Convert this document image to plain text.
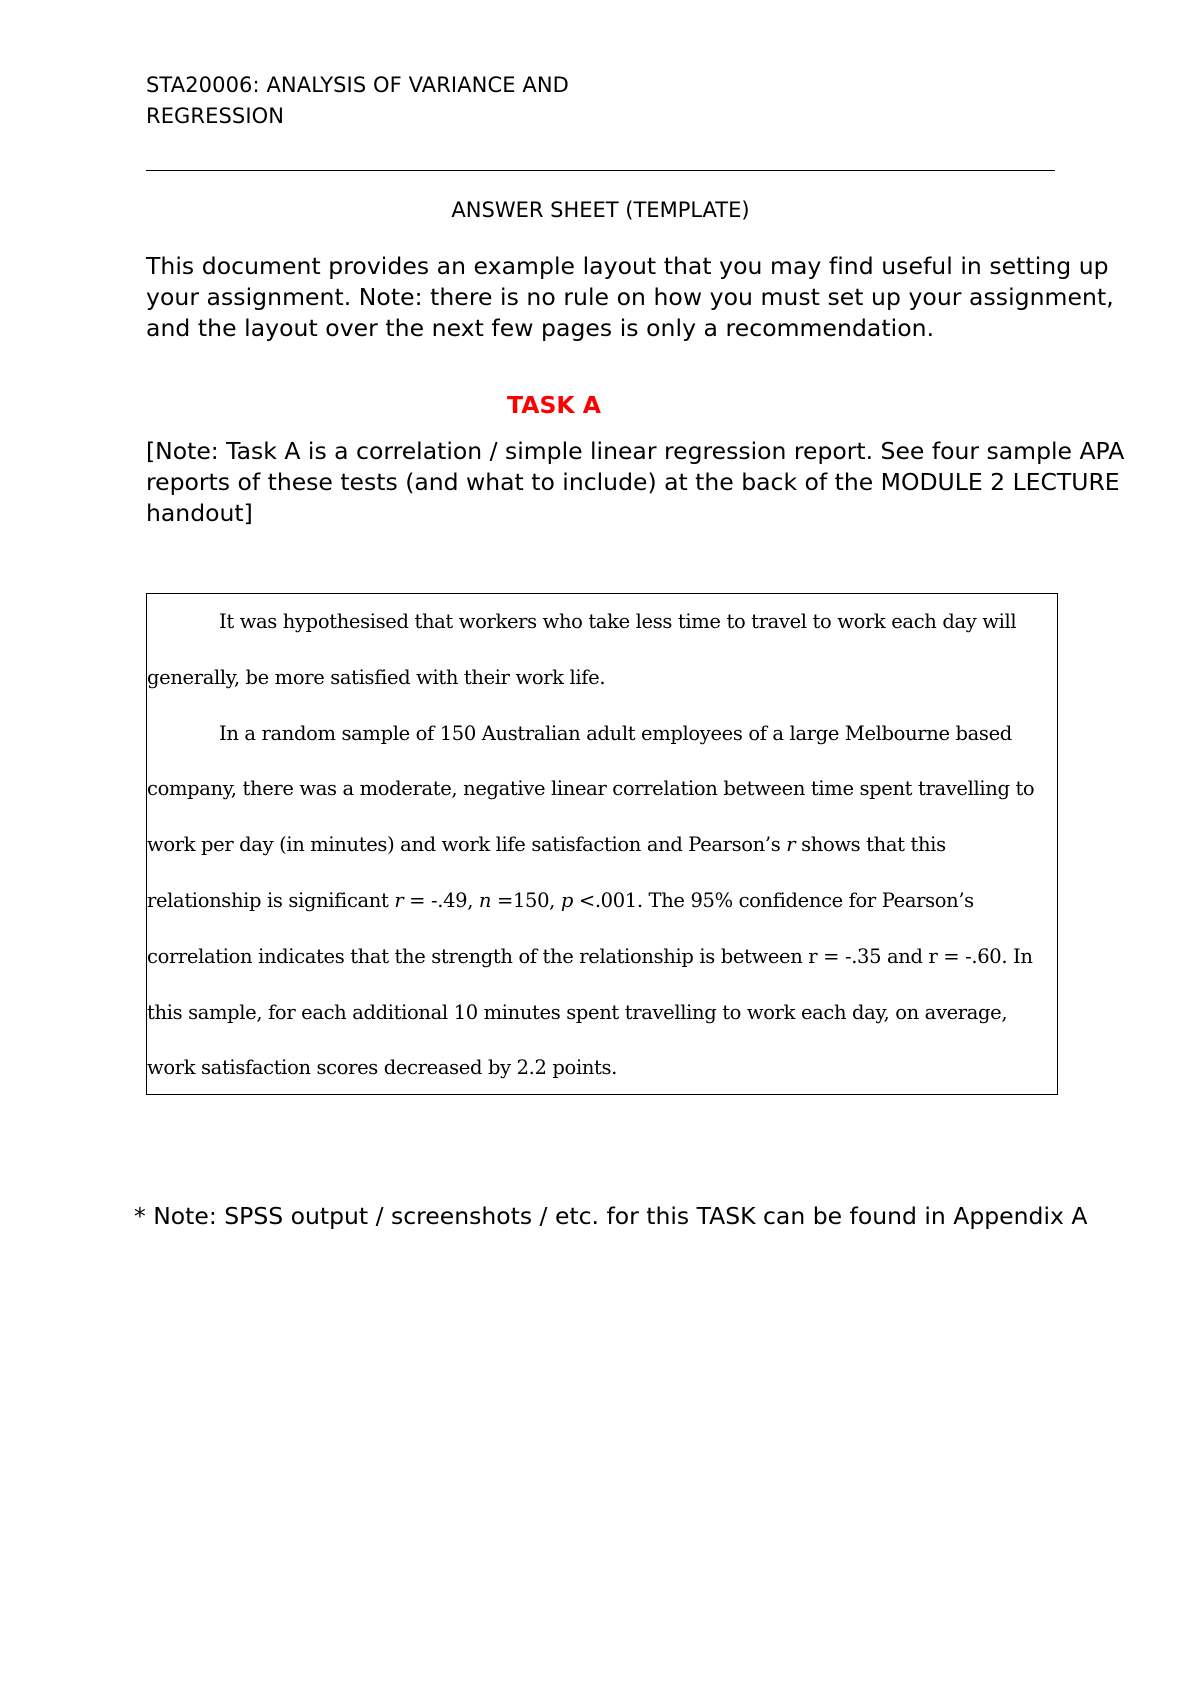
STA20006: ANALYSIS OF VARIANCE AND
REGRESSION
ANSWER SHEET (TEMPLATE)
This document provides an example layout that you may find useful in setting up your assignment. Note: there is no rule on how you must set up your assignment, and the layout over the next few pages is only a recommendation.
TASK A
[Note: Task A is a correlation / simple linear regression report. See four sample APA reports of these tests (and what to include) at the back of the MODULE 2 LECTURE handout]

It was hypothesised that workers who take less time to travel to work each day will generally, be more satisfied with their work life.

In a random sample of 150 Australian adult employees of a large Melbourne based company, there was a moderate, negative linear correlation between time spent travelling to work per day (in minutes) and work life satisfaction and Pearson’s r shows that this relationship is significant r = -.49, n =150, p <.001. The 95% confidence for Pearson’s correlation indicates that the strength of the relationship is between r = -.35 and r = -.60. In this sample, for each additional 10 minutes spent travelling to work each day, on average, work satisfaction scores decreased by 2.2 points.

* Note: SPSS output / screenshots / etc. for this TASK can be found in Appendix A
